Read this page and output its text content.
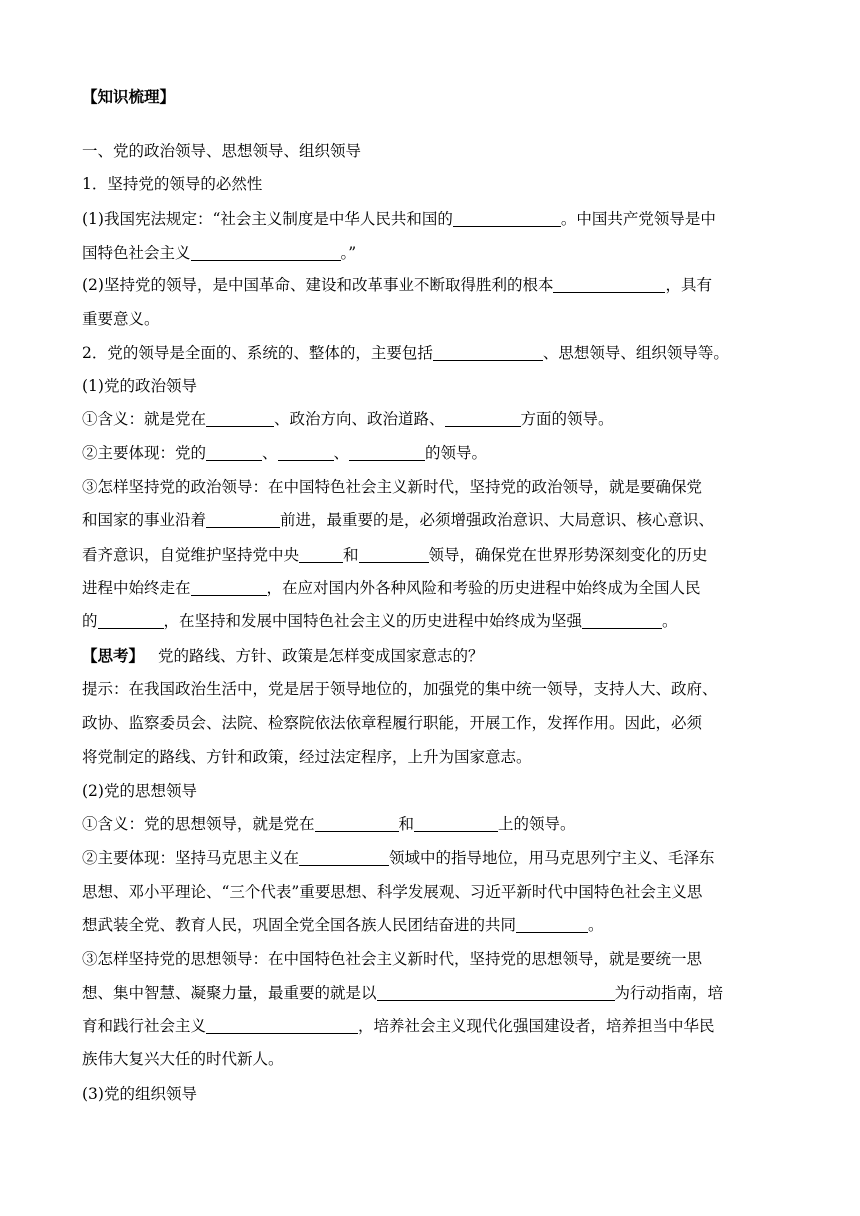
【知识梳理】
一、党的政治领导、思想领导、组织领导
1．坚持党的领导的必然性
(1)我国宪法规定：“社会主义制度是中华人民共和国的	。中国共产党领导是中
国特色社会主义	。”
(2)坚持党的领导，是中国革命、建设和改革事业不断取得胜利的根本	，具有
重要意义。
2．党的领导是全面的、系统的、整体的，主要包括	、思想领导、组织领导等。
(1)党的政治领导
①含义：就是党在	、政治方向、政治道路、	方面的领导。
②主要体现：党的	、	、	的领导。
③怎样坚持党的政治领导：在中国特色社会主义新时代，坚持党的政治领导，就是要确保党
和国家的事业沿着	前进，最重要的是，必须增强政治意识、大局意识、核心意识、
看齐意识，自觉维护坚持党中央	和	领导，确保党在世界形势深刻变化的历史
进程中始终走在	，在应对国内外各种风险和考验的历史进程中始终成为全国人民
的	，在坚持和发展中国特色社会主义的历史进程中始终成为坚强	。
【思考】 党的路线、方针、政策是怎样变成国家意志的？
提示：在我国政治生活中，党是居于领导地位的，加强党的集中统一领导，支持人大、政府、
政协、监察委员会、法院、检察院依法依章程履行职能，开展工作，发挥作用。因此，必须
将党制定的路线、方针和政策，经过法定程序，上升为国家意志。
(2)党的思想领导
①含义：党的思想领导，就是党在	和	上的领导。
②主要体现：坚持马克思主义在	领域中的指导地位，用马克思列宁主义、毛泽东
思想、邓小平理论、“三个代表”重要思想、科学发展观、习近平新时代中国特色社会主义思
想武装全党、教育人民，巩固全党全国各族人民团结奋进的共同	。
③怎样坚持党的思想领导：在中国特色社会主义新时代，坚持党的思想领导，就是要统一思
想、集中智慧、凝聚力量，最重要的就是以	为行动指南，培
育和践行社会主义	，培养社会主义现代化强国建设者，培养担当中华民
族伟大复兴大任的时代新人。
(3)党的组织领导
